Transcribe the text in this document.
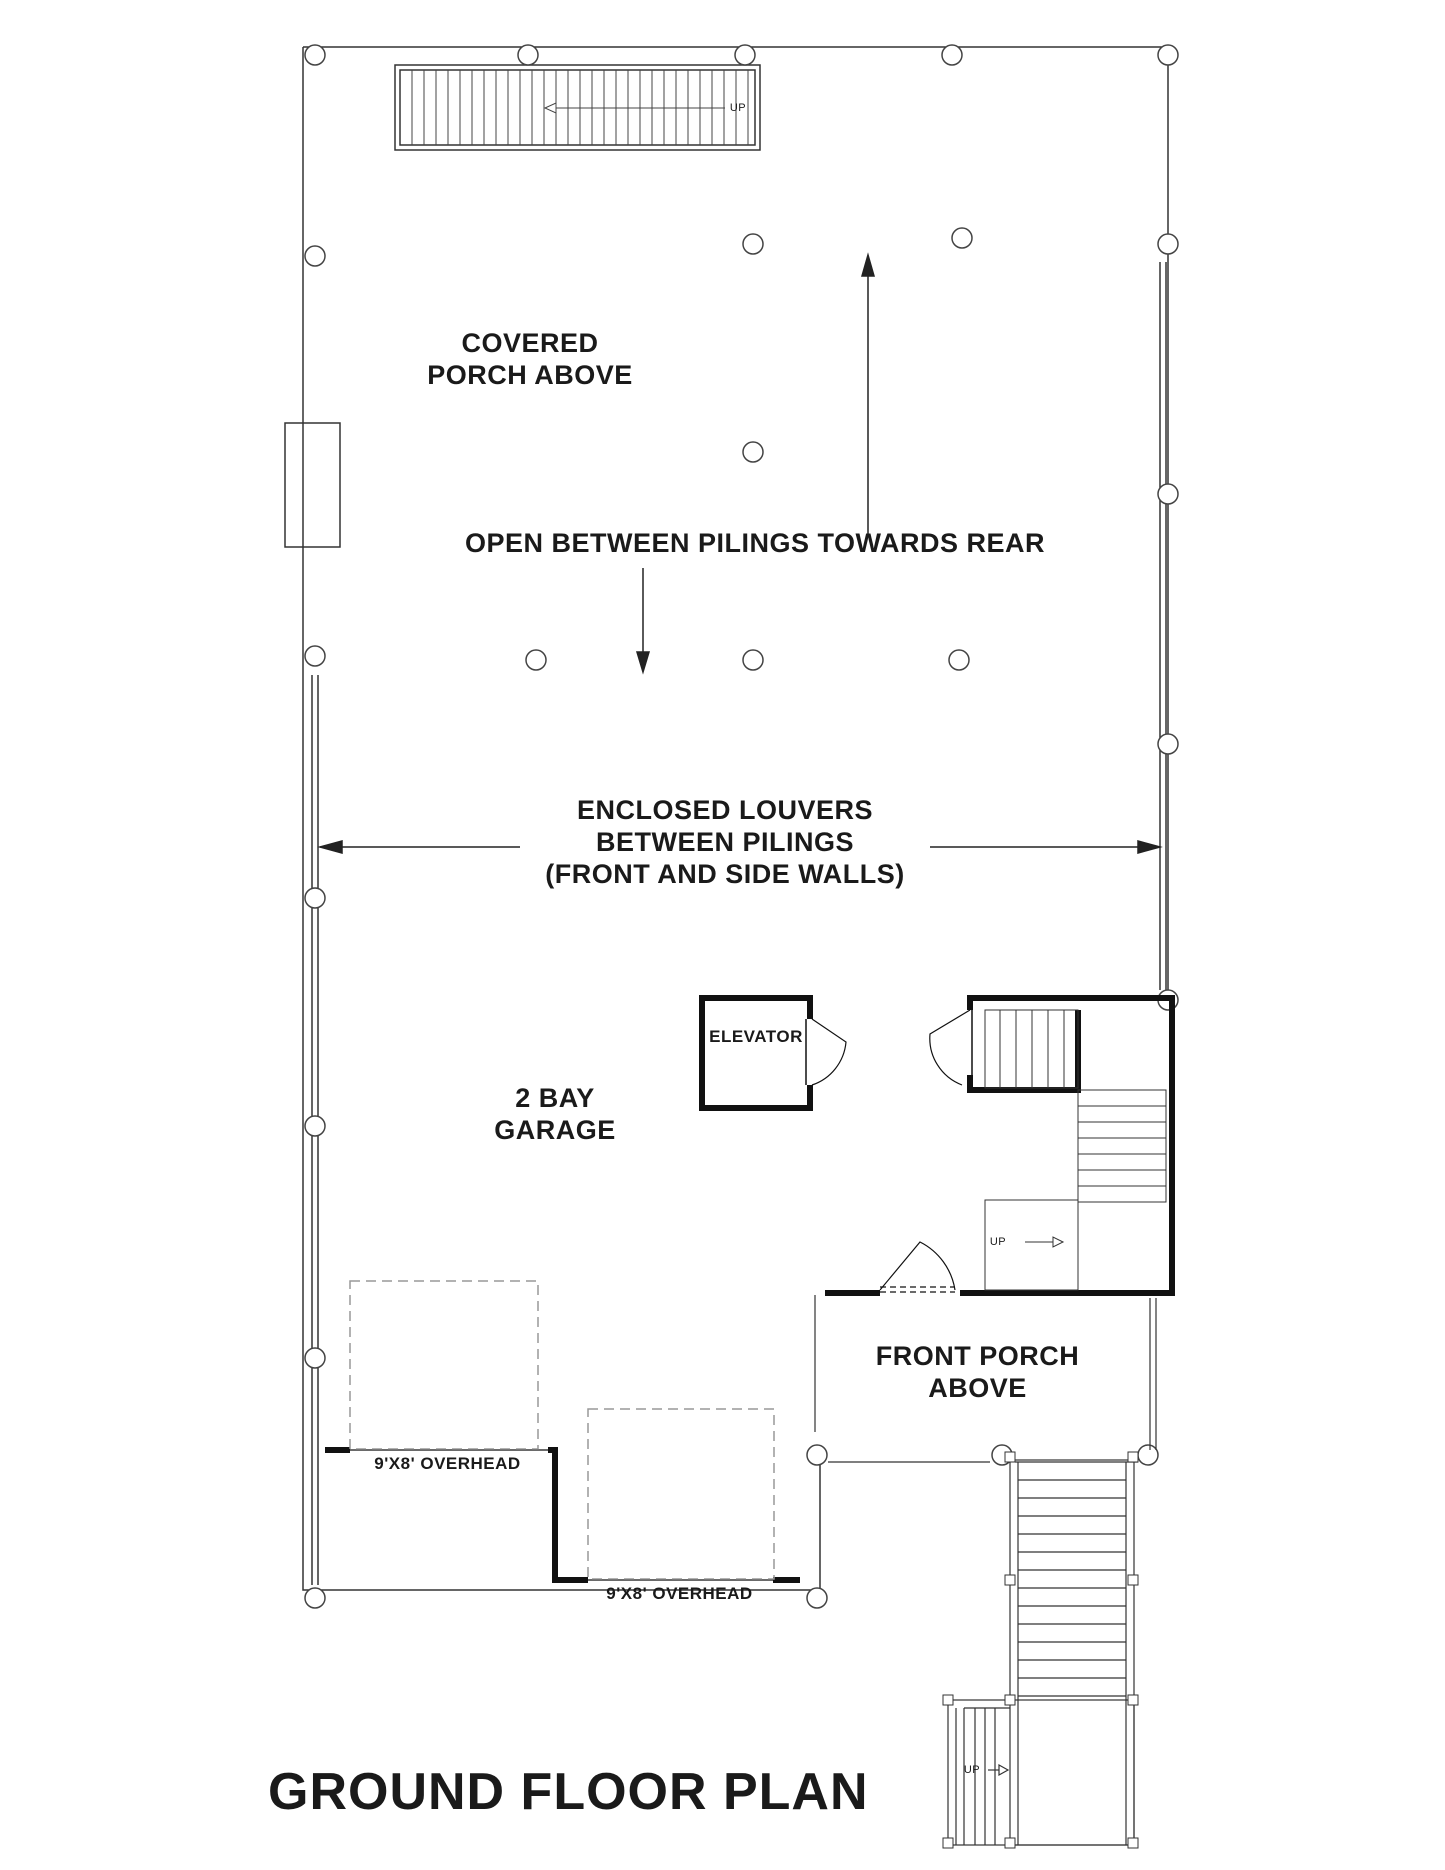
COVERED
PORCH ABOVE
OPEN BETWEEN PILINGS TOWARDS REAR
ENCLOSED LOUVERS
BETWEEN PILINGS
(FRONT AND SIDE WALLS)
2 BAY
GARAGE
ELEVATOR
FRONT PORCH
ABOVE
9'X8' OVERHEAD
9'X8' OVERHEAD
UP
UP
UP
GROUND FLOOR PLAN
